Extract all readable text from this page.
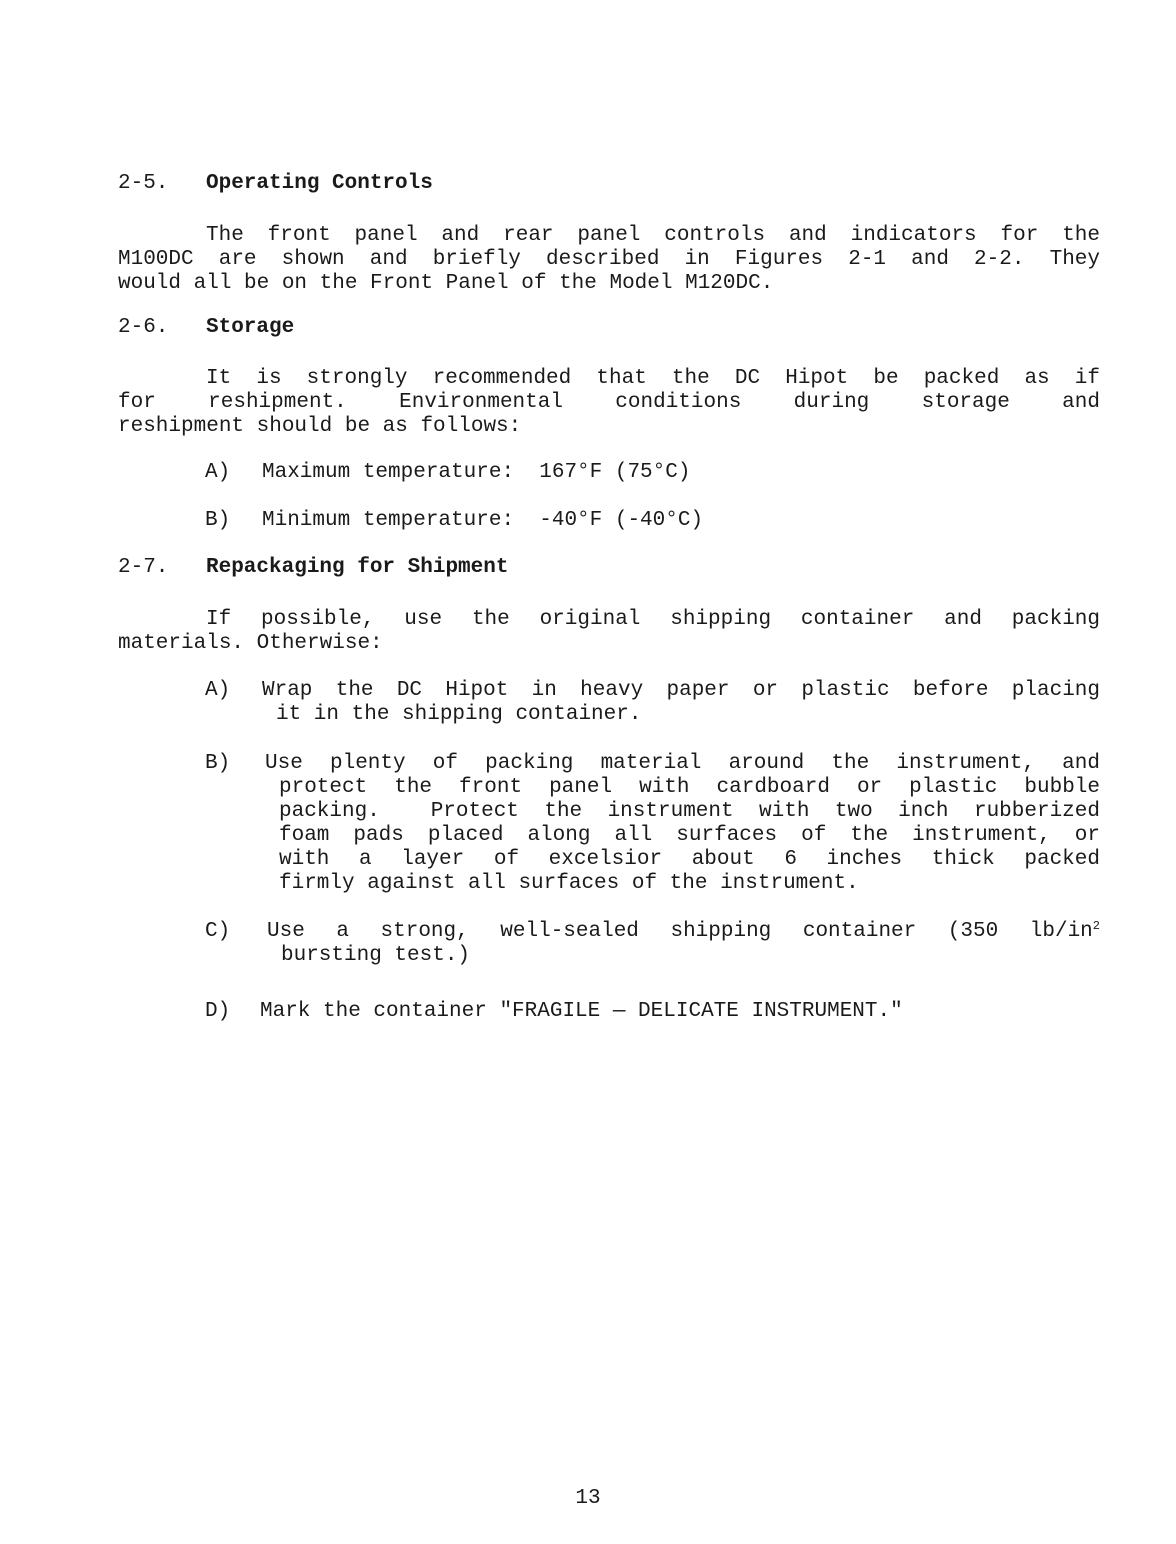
2-5. Operating Controls
The front panel and rear panel controls and indicators for the
M100DC are shown and briefly described in Figures 2-1 and 2-2. They
would all be on the Front Panel of the Model M120DC.
2-6. Storage
It is strongly recommended that the DC Hipot be packed as if
for reshipment. Environmental conditions during storage and
reshipment should be as follows:
A) Maximum temperature:  167°F (75°C)
B) Minimum temperature:  -40°F (-40°C)
2-7. Repackaging for Shipment
If possible, use the original shipping container and packing
materials. Otherwise:
A) Wrap the DC Hipot in heavy paper or plastic before placing
it in the shipping container.
B) Use plenty of packing material around the instrument, and
protect the front panel with cardboard or plastic bubble
packing.  Protect the instrument with two inch rubberized
foam pads placed along all surfaces of the instrument, or
with a layer of excelsior about 6 inches thick packed
firmly against all surfaces of the instrument.
C) Use a strong, well-sealed shipping container (350 $lb/in^2$
bursting test.)
D) Mark the container "FRAGILE — DELICATE INSTRUMENT."
13
